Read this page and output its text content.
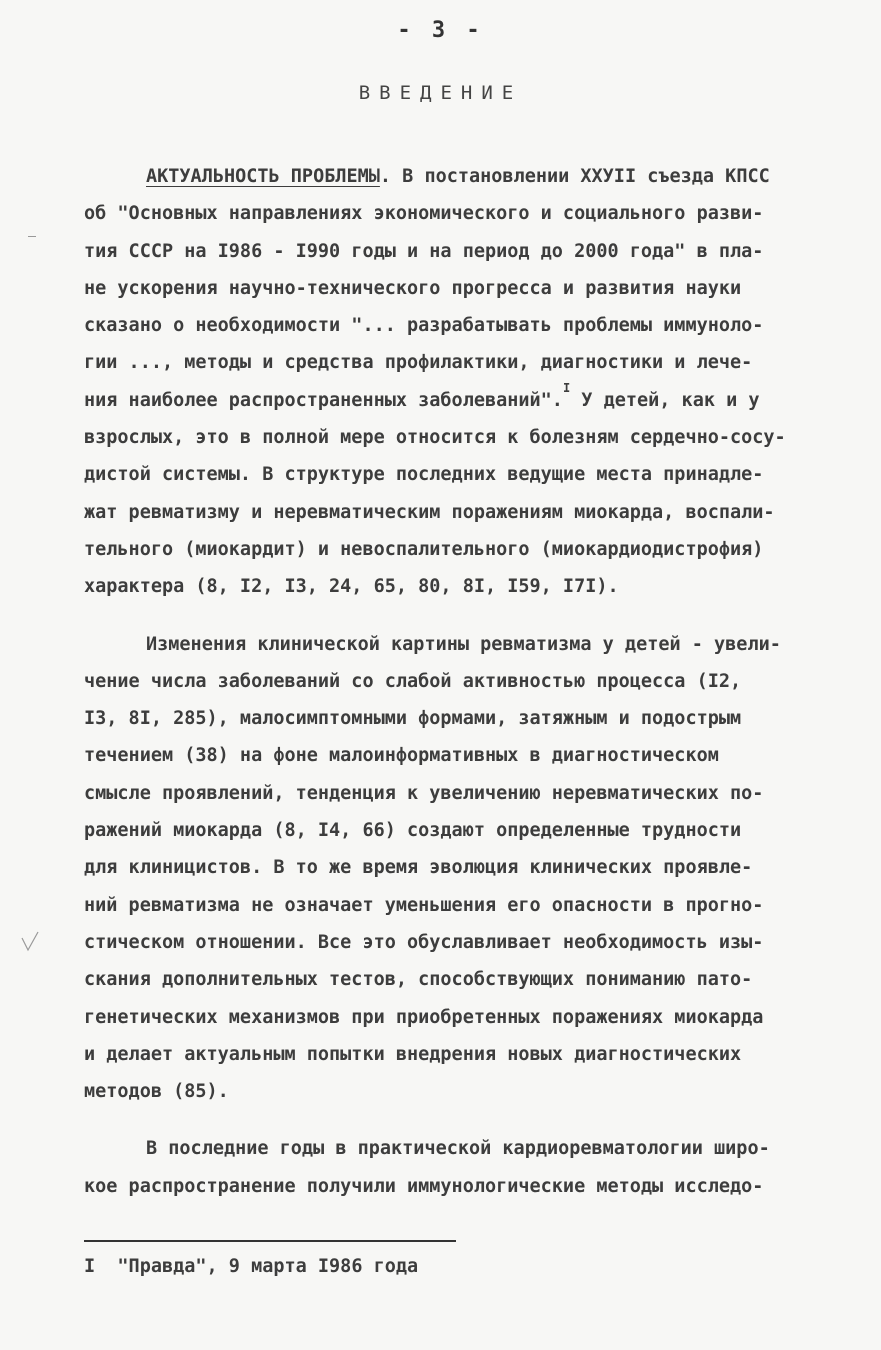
- 3 -
ВВЕДЕНИЕ
АКТУАЛЬНОСТЬ ПРОБЛЕМЫ. В постановлении ХХУII съезда КПСС
об "Основных направлениях экономического и социального разви-
тия СССР на I986 - I990 годы и на период до 2000 года" в пла-
не ускорения научно-технического прогресса и развития науки
сказано о необходимости "... разрабатывать проблемы иммуноло-
гии ..., методы и средства профилактики, диагностики и лече-
ния наиболее распространенных заболеваний".$^I$ У детей, как и у
взрослых, это в полной мере относится к болезням сердечно-сосу-
дистой системы. В структуре последних ведущие места принадле-
жат ревматизму и неревматическим поражениям миокарда, воспали-
тельного (миокардит) и невоспалительного (миокардиодистрофия)
характера (8, I2, I3, 24, 65, 80, 8I, I59, I7I).
Изменения клинической картины ревматизма у детей - увели-
чение числа заболеваний со слабой активностью процесса (I2,
I3, 8I, 285), малосимптомными формами, затяжным и подострым
течением (38) на фоне малоинформативных в диагностическом
смысле проявлений, тенденция к увеличению неревматических по-
ражений миокарда (8, I4, 66) создают определенные трудности
для клиницистов. В то же время эволюция клинических проявле-
ний ревматизма не означает уменьшения его опасности в прогно-
стическом отношении. Все это обуславливает необходимость изы-
скания дополнительных тестов, способствующих пониманию пато-
генетических механизмов при приобретенных поражениях миокарда
и делает актуальным попытки внедрения новых диагностических
методов (85).
В последние годы в практической кардиоревматологии широ-
кое распространение получили иммунологические методы исследо-
I "Правда", 9 марта I986 года
